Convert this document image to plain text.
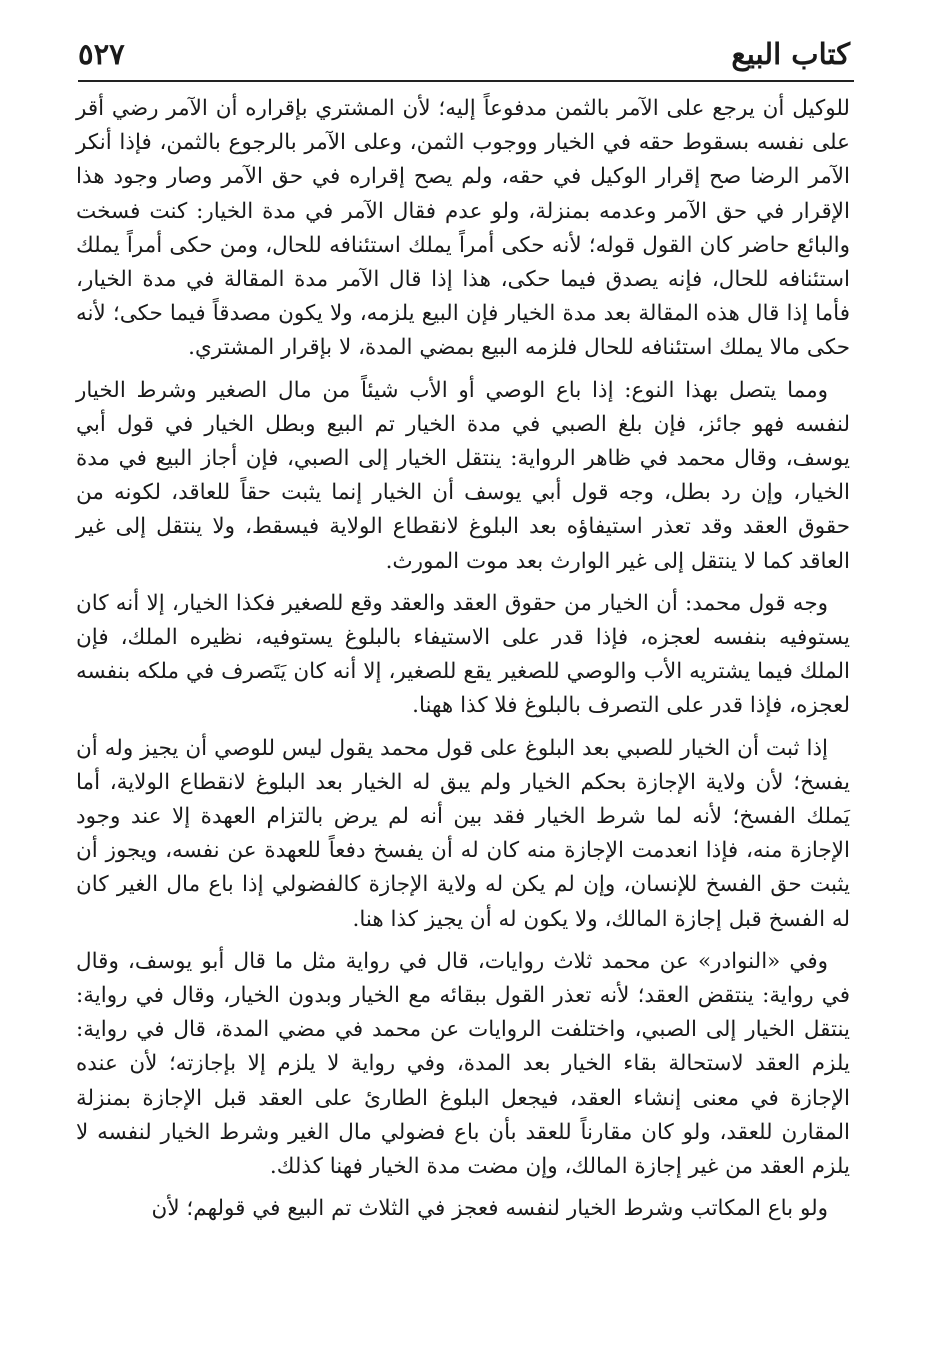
كتاب البيع
٥٢٧

للوكيل أن يرجع على الآمر بالثمن مدفوعاً إليه؛ لأن المشتري بإقراره أن الآمر رضي أقر على نفسه بسقوط حقه في الخيار ووجوب الثمن، وعلى الآمر بالرجوع بالثمن، فإذا أنكر الآمر الرضا صح إقرار الوكيل في حقه، ولم يصح إقراره في حق الآمر وصار وجود هذا الإقرار في حق الآمر وعدمه بمنزلة، ولو عدم فقال الآمر في مدة الخيار: كنت فسخت والبائع حاضر كان القول قوله؛ لأنه حكى أمراً يملك استئنافه للحال، ومن حكى أمراً يملك استئنافه للحال، فإنه يصدق فيما حكى، هذا إذا قال الآمر مدة المقالة في مدة الخيار، فأما إذا قال هذه المقالة بعد مدة الخيار فإن البيع يلزمه، ولا يكون مصدقاً فيما حكى؛ لأنه حكى مالا يملك استئنافه للحال فلزمه البيع بمضي المدة، لا بإقرار المشتري.

ومما يتصل بهذا النوع: إذا باع الوصي أو الأب شيئاً من مال الصغير وشرط الخيار لنفسه فهو جائز، فإن بلغ الصبي في مدة الخيار تم البيع وبطل الخيار في قول أبي يوسف، وقال محمد في ظاهر الرواية: ينتقل الخيار إلى الصبي، فإن أجاز البيع في مدة الخيار، وإن رد بطل، وجه قول أبي يوسف أن الخيار إنما يثبت حقاً للعاقد، لكونه من حقوق العقد وقد تعذر استيفاؤه بعد البلوغ لانقطاع الولاية فيسقط، ولا ينتقل إلى غير العاقد كما لا ينتقل إلى غير الوارث بعد موت المورث.

وجه قول محمد: أن الخيار من حقوق العقد والعقد وقع للصغير فكذا الخيار، إلا أنه كان يستوفيه بنفسه لعجزه، فإذا قدر على الاستيفاء بالبلوغ يستوفيه، نظيره الملك، فإن الملك فيما يشتريه الأب والوصي للصغير يقع للصغير، إلا أنه كان يَتَصرف في ملكه بنفسه لعجزه، فإذا قدر على التصرف بالبلوغ فلا كذا ههنا.

إذا ثبت أن الخيار للصبي بعد البلوغ على قول محمد يقول ليس للوصي أن يجيز وله أن يفسخ؛ لأن ولاية الإجازة بحكم الخيار ولم يبق له الخيار بعد البلوغ لانقطاع الولاية، أما يَملك الفسخ؛ لأنه لما شرط الخيار فقد بين أنه لم يرض بالتزام العهدة إلا عند وجود الإجازة منه، فإذا انعدمت الإجازة منه كان له أن يفسخ دفعاً للعهدة عن نفسه، ويجوز أن يثبت حق الفسخ للإنسان، وإن لم يكن له ولاية الإجازة كالفضولي إذا باع مال الغير كان له الفسخ قبل إجازة المالك، ولا يكون له أن يجيز كذا هنا.

وفي «النوادر» عن محمد ثلاث روايات، قال في رواية مثل ما قال أبو يوسف، وقال في رواية: ينتقض العقد؛ لأنه تعذر القول ببقائه مع الخيار وبدون الخيار، وقال في رواية: ينتقل الخيار إلى الصبي، واختلفت الروايات عن محمد في مضي المدة، قال في رواية: يلزم العقد لاستحالة بقاء الخيار بعد المدة، وفي رواية لا يلزم إلا بإجازته؛ لأن عنده الإجازة في معنى إنشاء العقد، فيجعل البلوغ الطارئ على العقد قبل الإجازة بمنزلة المقارن للعقد، ولو كان مقارناً للعقد بأن باع فضولي مال الغير وشرط الخيار لنفسه لا يلزم العقد من غير إجازة المالك، وإن مضت مدة الخيار فهنا كذلك.

ولو باع المكاتب وشرط الخيار لنفسه فعجز في الثلاث تم البيع في قولهم؛ لأن
